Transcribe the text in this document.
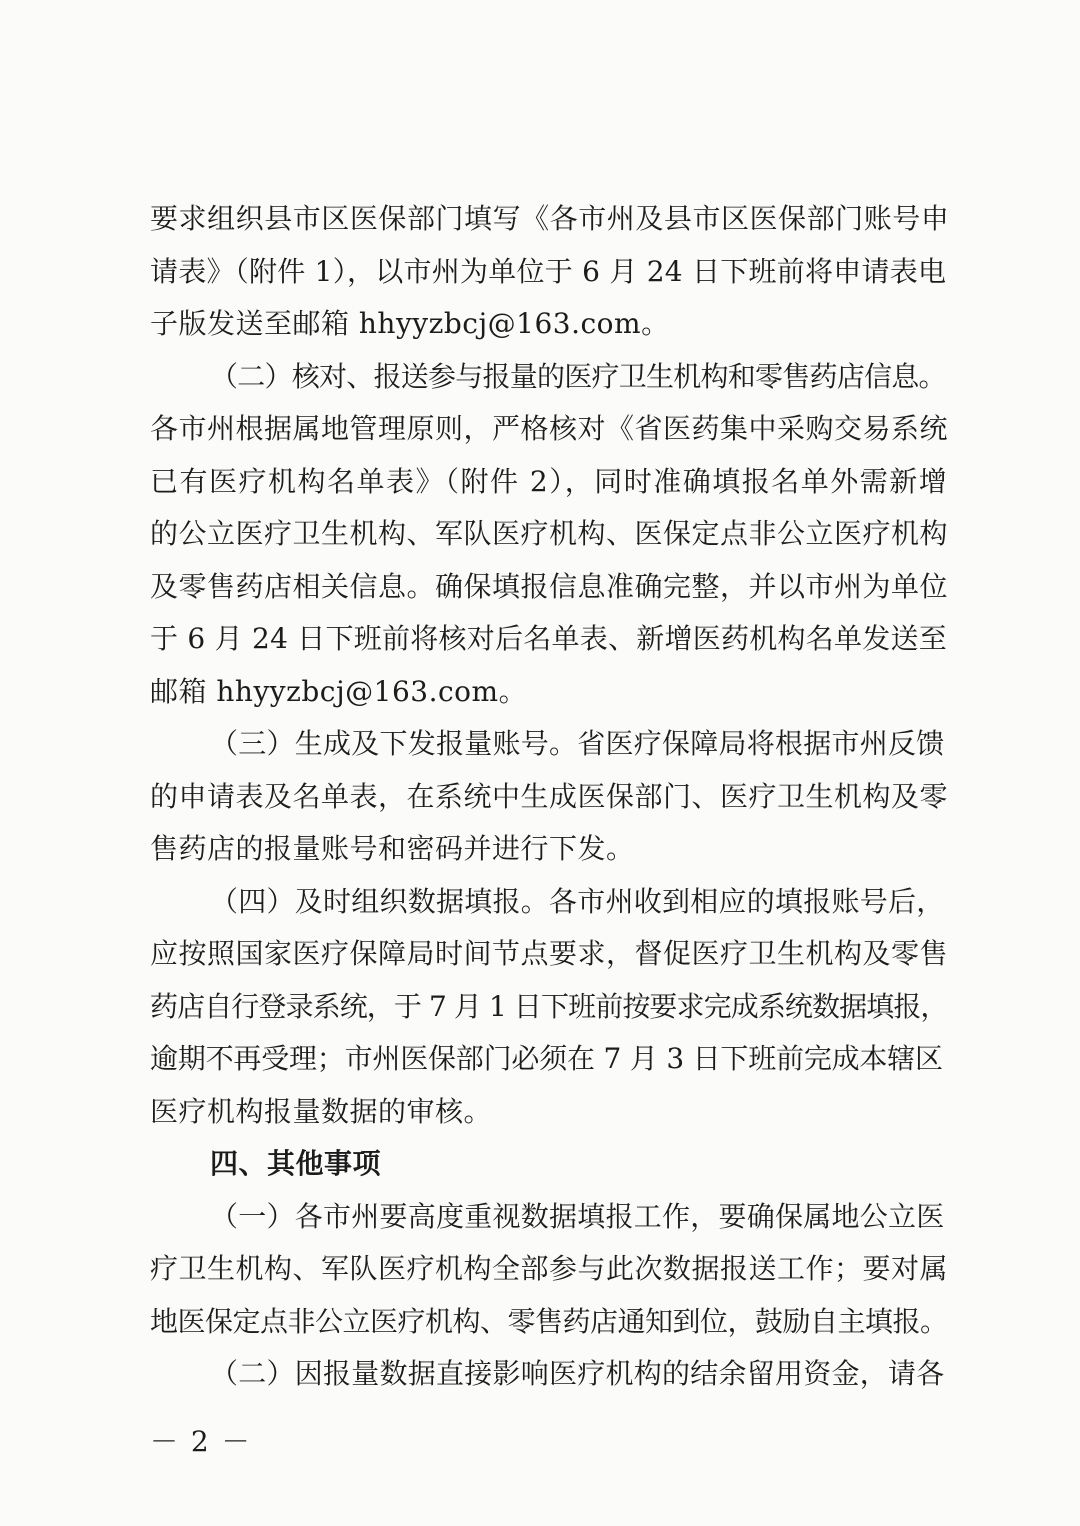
要求组织县市区医保部门填写《各市州及县市区医保部门账号申
请表》（附件 1），以市州为单位于 6 月 24 日下班前将申请表电
子版发送至邮箱 hhyyzbcj@163.com。
（二）核对、报送参与报量的医疗卫生机构和零售药店信息。
各市州根据属地管理原则，严格核对《省医药集中采购交易系统
已有医疗机构名单表》（附件 2），同时准确填报名单外需新增
的公立医疗卫生机构、军队医疗机构、医保定点非公立医疗机构
及零售药店相关信息。确保填报信息准确完整，并以市州为单位
于 6 月 24 日下班前将核对后名单表、新增医药机构名单发送至
邮箱 hhyyzbcj@163.com。
（三）生成及下发报量账号。省医疗保障局将根据市州反馈
的申请表及名单表，在系统中生成医保部门、医疗卫生机构及零
售药店的报量账号和密码并进行下发。
（四）及时组织数据填报。各市州收到相应的填报账号后，
应按照国家医疗保障局时间节点要求，督促医疗卫生机构及零售
药店自行登录系统，于 7 月 1 日下班前按要求完成系统数据填报，
逾期不再受理；市州医保部门必须在 7 月 3 日下班前完成本辖区
医疗机构报量数据的审核。
四、其他事项
（一）各市州要高度重视数据填报工作，要确保属地公立医
疗卫生机构、军队医疗机构全部参与此次数据报送工作；要对属
地医保定点非公立医疗机构、零售药店通知到位，鼓励自主填报。
（二）因报量数据直接影响医疗机构的结余留用资金，请各
－ 2 －
